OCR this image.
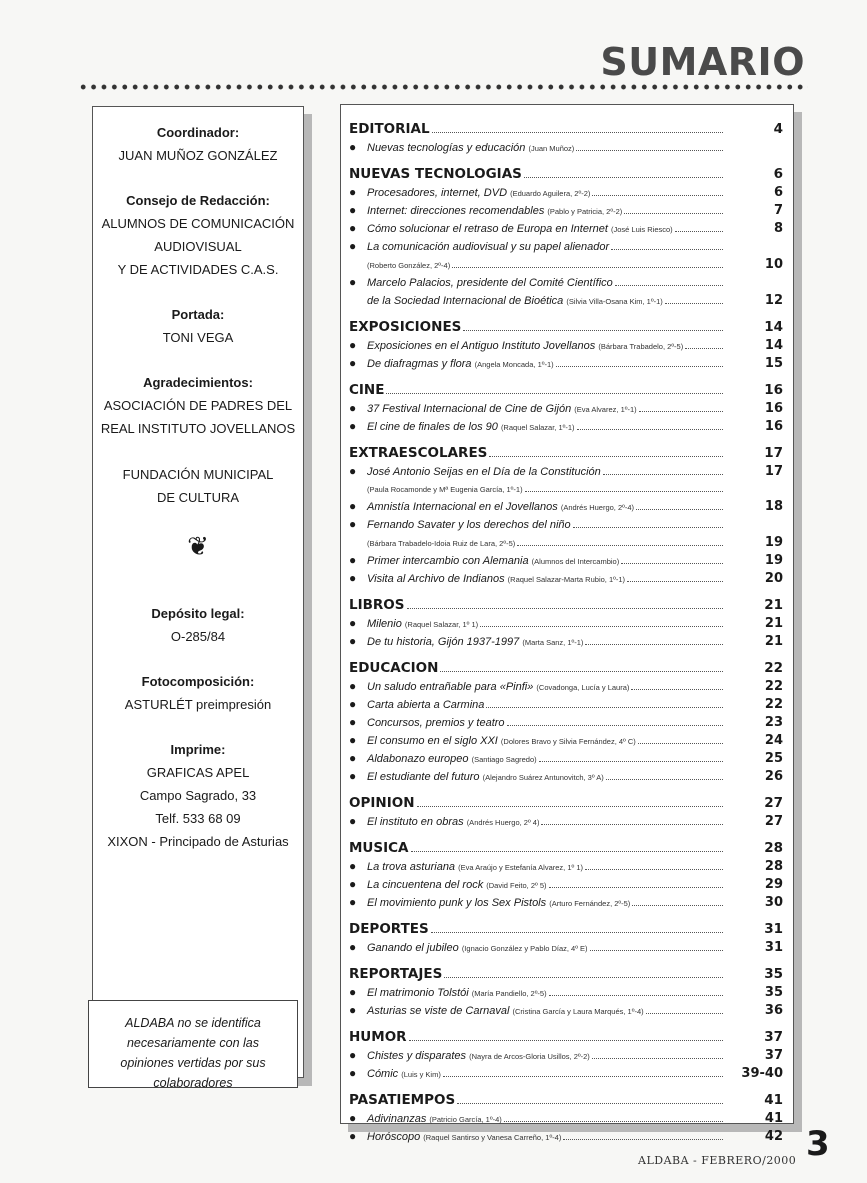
SUMARIO
Coordinador:
JUAN MUÑOZ GONZÁLEZ
Consejo de Redacción:
ALUMNOS DE COMUNICACIÓN
AUDIOVISUAL
Y DE ACTIVIDADES C.A.S.
Portada:
TONI VEGA
Agradecimientos:
ASOCIACIÓN DE PADRES DEL
REAL INSTITUTO JOVELLANOS

FUNDACIÓN MUNICIPAL
DE CULTURA
❦
Depósito legal:
O-285/84
Fotocomposición:
ASTURLÉT preimpresión
Imprime:
GRAFICAS APEL
Campo Sagrado, 33
Telf. 533 68 09
XIXON - Principado de Asturias
ALDABA no se identifica
necesariamente con las
opiniones vertidas por sus
colaboradores
EDITORIAL	4
● Nuevas tecnologías y educación (Juan Muñoz)
NUEVAS TECNOLOGIAS	6
● Procesadores, internet, DVD (Eduardo Aguilera, 2º-2)	6
● Internet: direcciones recomendables (Pablo y Patricia, 2º-2)	7
● Cómo solucionar el retraso de Europa en Internet (José Luis Riesco)	8
● La comunicación audiovisual y su papel alienador
(Roberto González, 2º-4)	10
● Marcelo Palacios, presidente del Comité Científico
de la Sociedad Internacional de Bioética (Silvia Villa-Osana Kim, 1º-1)	12
EXPOSICIONES	14
● Exposiciones en el Antiguo Instituto Jovellanos (Bárbara Trabadelo, 2º-5)	14
● De diafragmas y flora (Angela Moncada, 1º-1)	15
CINE	16
● 37 Festival Internacional de Cine de Gijón (Eva Alvarez, 1º-1)	16
● El cine de finales de los 90 (Raquel Salazar, 1º-1)	16
EXTRAESCOLARES	17
● José Antonio Seijas en el Día de la Constitución	17
(Paula Rocamonde y Mª Eugenia García, 1º-1)
● Amnistía Internacional en el Jovellanos (Andrés Huergo, 2º-4)	18
● Fernando Savater y los derechos del niño
(Bárbara Trabadelo-Idoia Ruiz de Lara, 2º-5)	19
● Primer intercambio con Alemania (Alumnos del Intercambio)	19
● Visita al Archivo de Indianos (Raquel Salazar-Marta Rubio, 1º-1)	20
LIBROS	21
● Milenio (Raquel Salazar, 1º 1)	21
● De tu historia, Gijón 1937-1997 (Marta Sanz, 1º-1)	21
EDUCACION	22
● Un saludo entrañable para «Pinfi» (Covadonga, Lucía y Laura)	22
● Carta abierta a Carmina	22
● Concursos, premios y teatro	23
● El consumo en el siglo XXI (Dolores Bravo y Silvia Fernández, 4º C)	24
● Aldabonazo europeo (Santiago Sagredo)	25
● El estudiante del futuro (Alejandro Suárez Antunovitch, 3º A)	26
OPINION	27
● El instituto en obras (Andrés Huergo, 2º 4)	27
MUSICA	28
● La trova asturiana (Eva Araújo y Estefanía Alvarez, 1º 1)	28
● La cincuentena del rock (David Feito, 2º 5)	29
● El movimiento punk y los Sex Pistols (Arturo Fernández, 2º-5)	30
DEPORTES	31
● Ganando el jubileo (Ignacio González y Pablo Díaz, 4º E)	31
REPORTAJES	35
● El matrimonio Tolstói (María Pandiello, 2º-5)	35
● Asturias se viste de Carnaval (Cristina García y Laura Marqués, 1º-4)	36
HUMOR	37
● Chistes y disparates (Nayra de Arcos-Gloria Usillos, 2º-2)	37
● Cómic (Luis y Kim)	39-40
PASATIEMPOS	41
● Adivinanzas (Patricio García, 1º-4)	41
● Horóscopo (Raquel Santirso y Vanesa Carreño, 1º-4)	42
ALDABA - FEBRERO/2000 3
